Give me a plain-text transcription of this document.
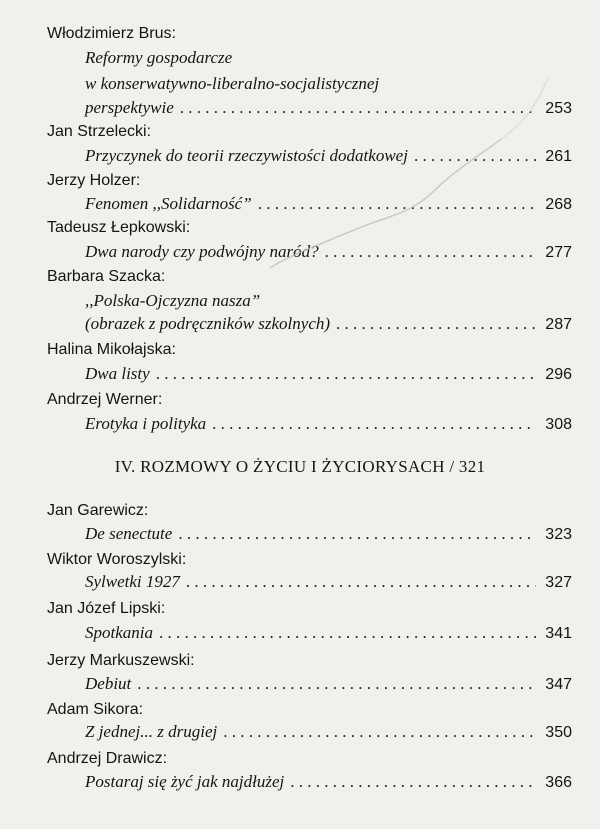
Włodzimierz Brus:
Reformy gospodarcze
w konserwatywno-liberalno-socjalistycznej
perspektywie . . .	253
Jan Strzelecki:
Przyczynek do teorii rzeczywistości dodatkowej . . .	261
Jerzy Holzer:
Fenomen ,,Solidarność” . . .	268
Tadeusz Łepkowski:
Dwa narody czy podwójny naród? . . .	277
Barbara Szacka:
,,Polska-Ojczyzna nasza”
(obrazek z podręczników szkolnych) . . .	287
Halina Mikołajska:
Dwa listy . . .	296
Andrzej Werner:
Erotyka i polityka . . .	308
IV. ROZMOWY O ŻYCIU I ŻYCIORYSACH / 321
Jan Garewicz:
De senectute . . .	323
Wiktor Woroszylski:
Sylwetki 1927 . . .	327
Jan Józef Lipski:
Spotkania . . .	341
Jerzy Markuszewski:
Debiut . . .	347
Adam Sikora:
Z jednej... z drugiej . . .	350
Andrzej Drawicz:
Postaraj się żyć jak najdłużej . . .	366
